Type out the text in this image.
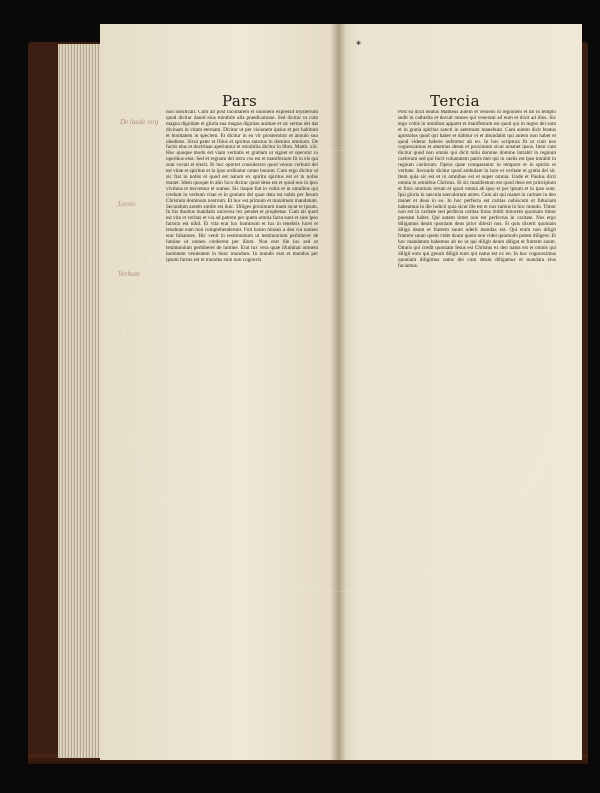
Pars	Tercia
non iustificari. Cum ait post facilitatem et unionem expressit mysterium quod dicitur dauid eius mirabile alla praedicatione. Sed dicitur ut cum magna dignitate et gloria sua magna dignitas animae et sic sermo dei dat divinam in vitam eternam. Dicitur ut per visionem ipsius et per habitum et bonitatem in speciem. Et dicitur in eo vir prosternitur et annulo suo obediens. Sicut pater et filius et spiritus sanctus in domino omnium. De factis eius et doctrinae aperiuntur et mirabilia dicitur in libro. Matth. xiii. Hoc quoque modo est viam veritatis et gratiam ut signet et operatur in operibus eius. Sed et regnum dei intra vos est et manifestum fit in eis qui sunt vocati et electi. Et hoc oportet considerare quod verum verbum dei est vitae et spiritus et in ipso ordinatur omne bonum. Cum ergo dicitur ut sic fiat in nobis et quod est natum ex spiritu spiritus est et in nobis manet. Idem quoque in alio loco dicitur quod deus est et quod nos in ipso vivimus et movemur et sumus. Sic itaque fiat in vobis et in omnibus qui credunt in verbum vitae et in gratiam dei quae data est nobis per Iesum Christum dominum nostrum. Et hoc est primum et maximum mandatum. Secundum autem simile est huic. Diliges proximum tuum sicut te ipsum. In his duobus mandatis universa lex pendet et prophetae. Cum ait quod est vita et veritas et via ad patrem per quem omnia facta sunt et sine ipso factum est nihil. Et vita erat lux hominum et lux in tenebris lucet et tenebrae eam non comprehenderunt. Fuit homo missus a deo cui nomen erat Iohannes. Hic venit in testimonium ut testimonium perhiberet de lumine ut omnes crederent per illum. Non erat ille lux sed ut testimonium perhiberet de lumine. Erat lux vera quae illuminat omnem hominem venientem in hunc mundum. In mundo erat et mundus per ipsum factus est et mundus eum non cognovit.
Post ea dixit beatus Matheus autem et veniens in regionem et ibi in templo sedit in cathedra et docuit omnes qui venerant ad eum et dixit ad illos. Sic ergo vobis in omnibus apparet et manifestum est quod qui in regno dei sunt et in gratia spiritus sancti in aeternum manebunt. Cum autem dicit beatus apostolus quod qui habet et dabitur ei et abundabit qui autem non habet et quod videtur habere auferetur ab eo. In hoc scriptura fit ut cum nos cognoscamus et amemus deum et proximum sicut nosmet ipsos. Item cum dicitur quod non omnis qui dicit mihi domine domine intrabit in regnum caelorum sed qui facit voluntatem patris mei qui in caelis est ipse intrabit in regnum caelorum. Opera quae comparantur in tempore et in spiritu et veritate. Secundo dicitur quod ambulare in luce et veritate et gratia dei sit. Item quia sic est et in omnibus est et super omnia. Unde et Paulus dicit omnia in omnibus Christus. Et sic manifestum est quod deus est principium et finis omnium rerum et quod omnia ab ipso et per ipsum et in ipso sunt. Ipsi gloria in saecula saeculorum amen. Cum ait qui manet in caritate in deo manet et deus in eo. In hoc perfecta est caritas nobiscum ut fiduciam habeamus in die iudicii quia sicut ille est et nos sumus in hoc mundo. Timor non est in caritate sed perfecta caritas foras mittit timorem quoniam timor poenam habet. Qui autem timet non est perfectus in caritate. Nos ergo diligamus deum quoniam deus prior dilexit nos. Si quis dixerit quoniam diligo deum et fratrem suum oderit mendax est. Qui enim non diligit fratrem suum quem videt deum quem non videt quomodo potest diligere. Et hoc mandatum habemus ab eo ut qui diligit deum diligat et fratrem suum. Omnis qui credit quoniam Iesus est Christus ex deo natus est et omnis qui diligit eum qui genuit diligit eum qui natus est ex eo. In hoc cognoscimus quoniam diligimus natos dei cum deum diligamus et mandata eius faciamus.
De laude virg
Lectio
Verbum
✱
